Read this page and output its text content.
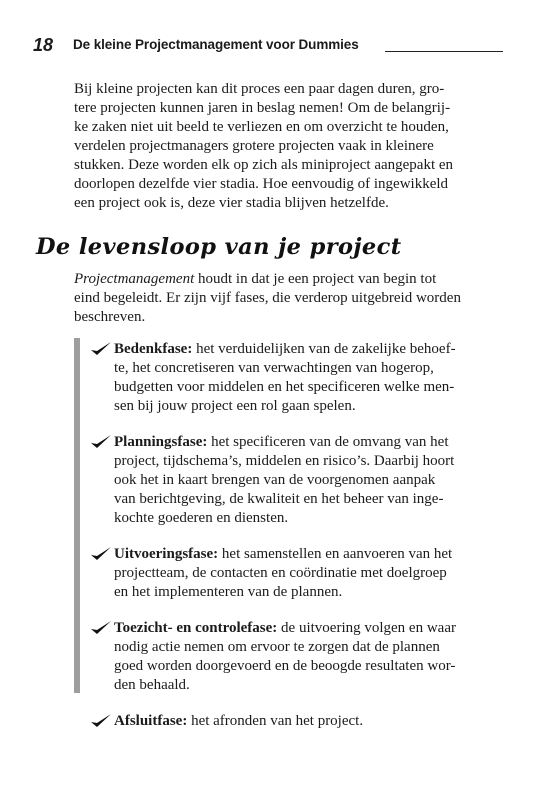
18 De kleine Projectmanagement voor Dummies
Bij kleine projecten kan dit proces een paar dagen duren, gro-
tere projecten kunnen jaren in beslag nemen! Om de belangrij-
ke zaken niet uit beeld te verliezen en om overzicht te houden,
verdelen projectmanagers grotere projecten vaak in kleinere
stukken. Deze worden elk op zich als miniproject aangepakt en
doorlopen dezelfde vier stadia. Hoe eenvoudig of ingewikkeld
een project ook is, deze vier stadia blijven hetzelfde.
De levensloop van je project
Projectmanagement houdt in dat je een project van begin tot
eind begeleidt. Er zijn vijf fases, die verderop uitgebreid worden
beschreven.
Bedenkfase: het verduidelijken van de zakelijke behoef-
te, het concretiseren van verwachtingen van hogerop,
budgetten voor middelen en het specificeren welke men-
sen bij jouw project een rol gaan spelen.
Planningsfase: het specificeren van de omvang van het
project, tijdschema’s, middelen en risico’s. Daarbij hoort
ook het in kaart brengen van de voorgenomen aanpak
van berichtgeving, de kwaliteit en het beheer van inge-
kochte goederen en diensten.
Uitvoeringsfase: het samenstellen en aanvoeren van het
projectteam, de contacten en coördinatie met doelgroep
en het implementeren van de plannen.
Toezicht- en controlefase: de uitvoering volgen en waar
nodig actie nemen om ervoor te zorgen dat de plannen
goed worden doorgevoerd en de beoogde resultaten wor-
den behaald.
Afsluitfase: het afronden van het project.
